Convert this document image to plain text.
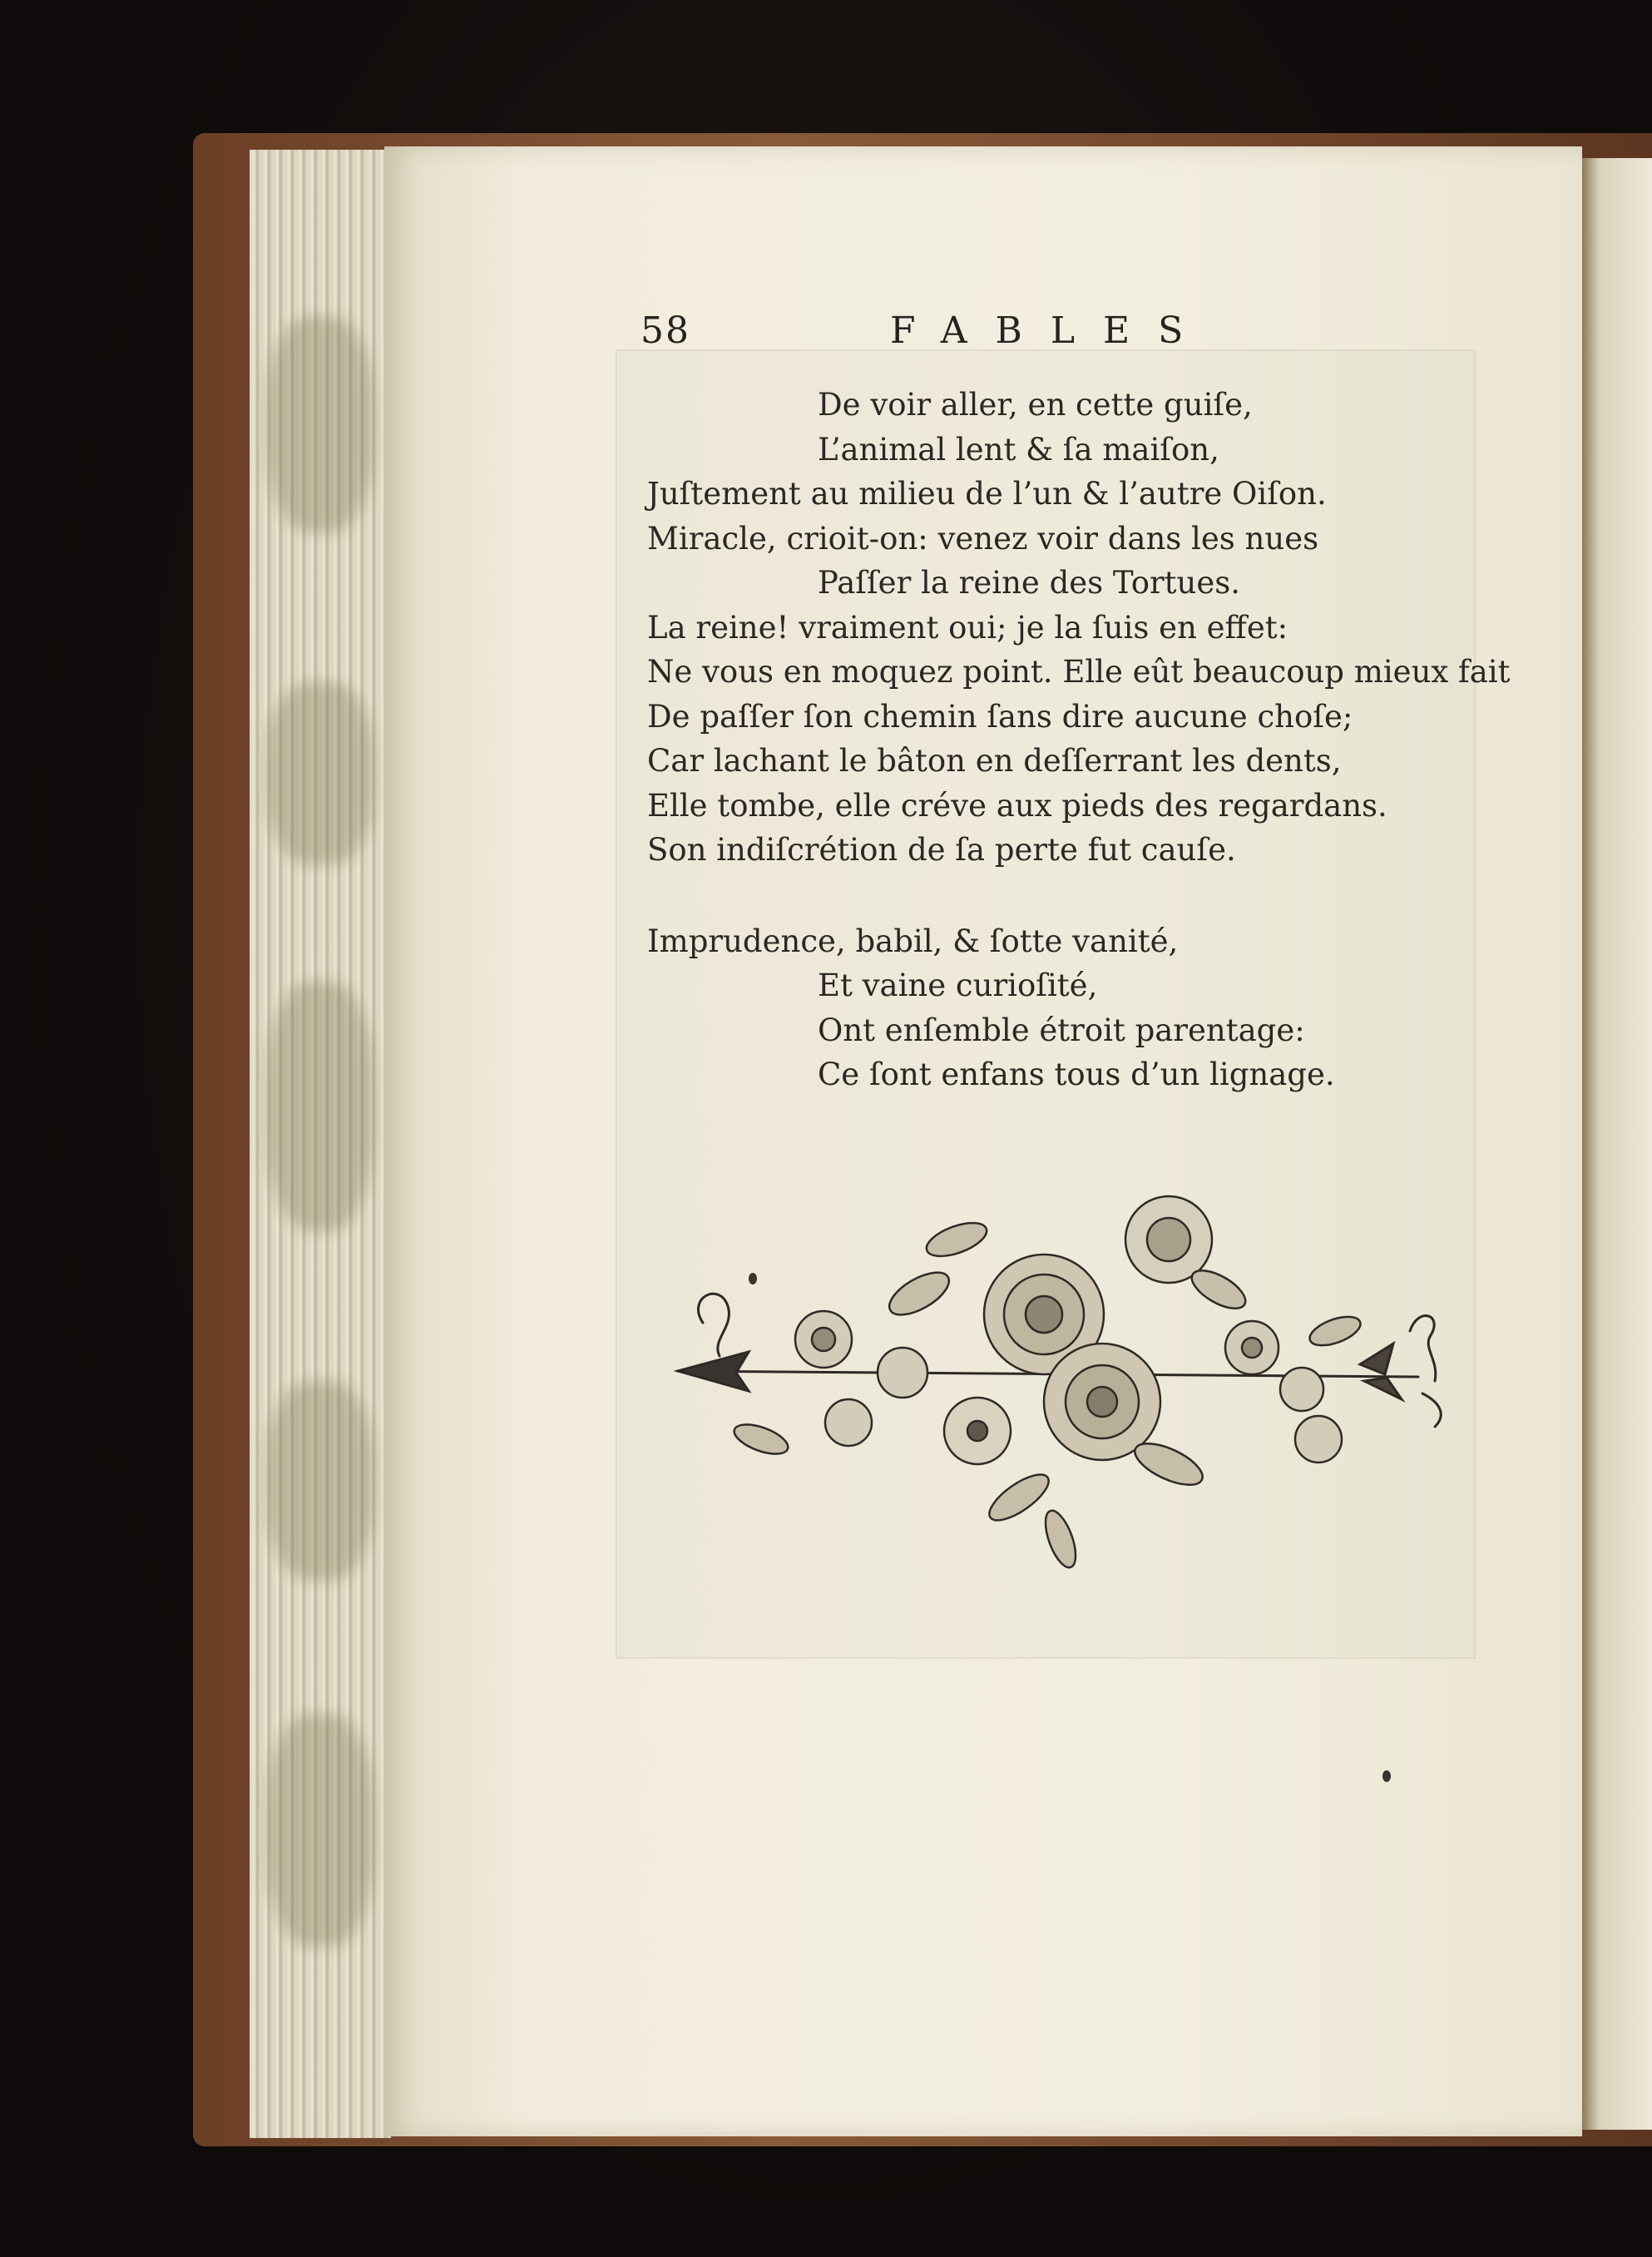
58	FABLES
De voir aller, en cette guiſe,
L’animal lent & ſa maiſon,
Juſtement au milieu de l’un & l’autre Oiſon.
Miracle, crioit-on: venez voir dans les nues
Paſſer la reine des Tortues.
La reine! vraiment oui; je la ſuis en effet:
Ne vous en moquez point. Elle eût beaucoup mieux fait
De paſſer ſon chemin ſans dire aucune choſe;
Car lachant le bâton en deſſerrant les dents,
Elle tombe, elle créve aux pieds des regardans.
Son indiſcrétion de ſa perte fut cauſe.
Imprudence, babil, & ſotte vanité,
Et vaine curioſité,
Ont enſemble étroit parentage:
Ce ſont enfans tous d’un lignage.
